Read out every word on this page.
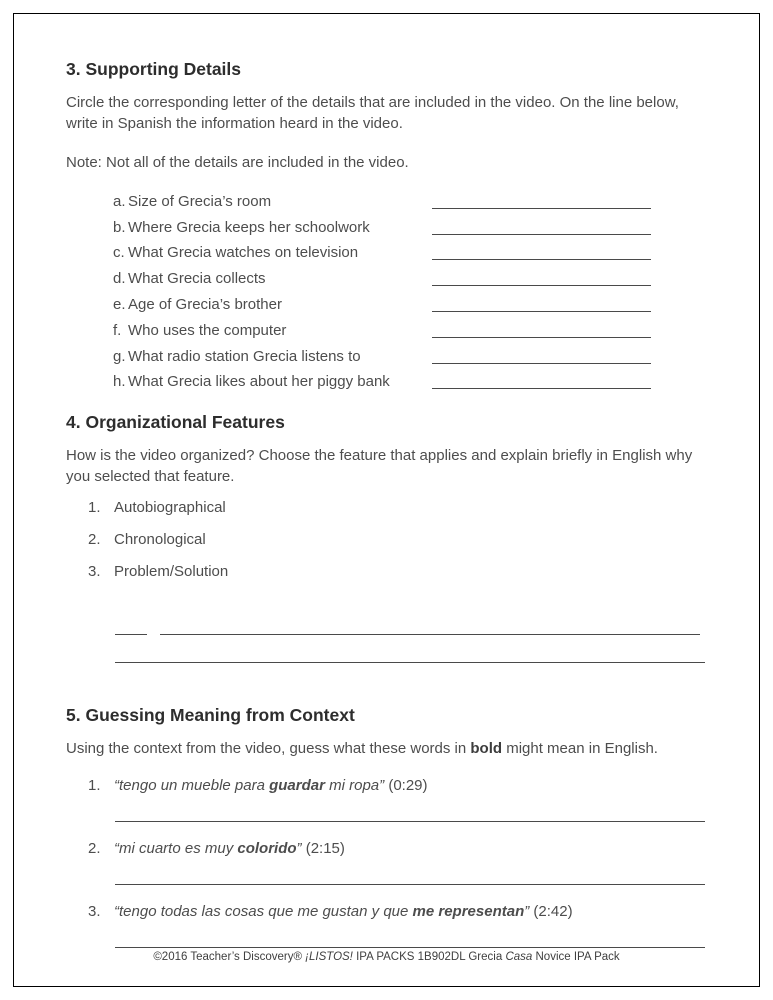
3. Supporting Details

Circle the corresponding letter of the details that are included in the video. On the line below, write in Spanish the information heard in the video.

Note: Not all of the details are included in the video.

a. Size of Grecia’s room
b. Where Grecia keeps her schoolwork
c. What Grecia watches on television
d. What Grecia collects
e. Age of Grecia’s brother
f. Who uses the computer
g. What radio station Grecia listens to
h. What Grecia likes about her piggy bank
4. Organizational Features

How is the video organized? Choose the feature that applies and explain briefly in English why you selected that feature.

1. Autobiographical
2. Chronological
3. Problem/Solution
5. Guessing Meaning from Context

Using the context from the video, guess what these words in bold might mean in English.

1. “tengo un mueble para guardar mi ropa” (0:29)
2. “mi cuarto es muy colorido” (2:15)
3. “tengo todas las cosas que me gustan y que me representan” (2:42)
©2016 Teacher’s Discovery® ¡LISTOS! IPA PACKS 1B902DL Grecia Casa Novice IPA Pack
